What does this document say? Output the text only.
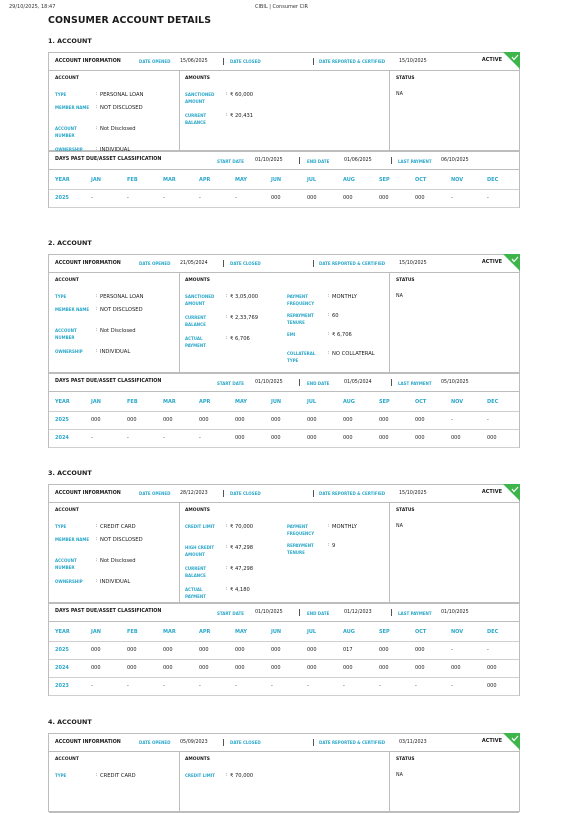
29/10/2025, 18:47	CIBIL | Consumer CIR
CONSUMER ACCOUNT DETAILS
1. ACCOUNT
ACCOUNT INFORMATION	DATE OPENED 15/06/2025	DATE CLOSED	DATE REPORTED & CERTIFIED	15/10/2025	ACTIVE
ACCOUNT
TYPE	: PERSONAL LOAN
MEMBER NAME	: NOT DISCLOSED
ACCOUNT NUMBER
: Not Disclosed
OWNERSHIP	: INDIVIDUAL
AMOUNTS
SANCTIONED AMOUNT
: ₹ 60,000
CURRENT BALANCE
: ₹ 20,431
STATUS
NA
DAYS PAST DUE/ASSET CLASSIFICATION	START DATE 01/10/2025	END DATE	01/06/2025	LAST PAYMENT 06/10/2025
YEAR	JAN	FEB	MAR	APR	MAY	JUN	JUL	AUG	SEP	OCT	NOV	DEC
2025	-	-	-	-	-	000	000	000	000	000	-	-
2. ACCOUNT
ACCOUNT INFORMATION	DATE OPENED 21/05/2024	DATE CLOSED	DATE REPORTED & CERTIFIED	15/10/2025	ACTIVE
ACCOUNT
TYPE	: PERSONAL LOAN
MEMBER NAME	: NOT DISCLOSED
ACCOUNT NUMBER
: Not Disclosed
OWNERSHIP	: INDIVIDUAL
AMOUNTS
SANCTIONED AMOUNT
: ₹ 3,05,000
CURRENT BALANCE
: ₹ 2,33,769
ACTUAL PAYMENT
: ₹ 6,706
PAYMENT FREQUENCY
: MONTHLY
REPAYMENT TENURE
: 60
EMI	: ₹ 6,706
COLLATERAL TYPE
: NO COLLATERAL
STATUS
NA
DAYS PAST DUE/ASSET CLASSIFICATION	START DATE 01/10/2025	END DATE	01/05/2024	LAST PAYMENT 05/10/2025
YEAR	JAN	FEB	MAR	APR	MAY	JUN	JUL	AUG	SEP	OCT	NOV	DEC
2025	000	000	000	000	000	000	000	000	000	000	-	-
2024	-	-	-	-	000	000	000	000	000	000	000	000
3. ACCOUNT
ACCOUNT INFORMATION	DATE OPENED 28/12/2023	DATE CLOSED	DATE REPORTED & CERTIFIED	15/10/2025	ACTIVE
ACCOUNT
TYPE	: CREDIT CARD
MEMBER NAME	: NOT DISCLOSED
ACCOUNT NUMBER
: Not Disclosed
OWNERSHIP	: INDIVIDUAL
AMOUNTS
CREDIT LIMIT	: ₹ 70,000
HIGH CREDIT AMOUNT
: ₹ 47,298
CURRENT BALANCE
: ₹ 47,298
ACTUAL PAYMENT
: ₹ 4,180
PAYMENT FREQUENCY
: MONTHLY
REPAYMENT TENURE
: 9
STATUS
NA
DAYS PAST DUE/ASSET CLASSIFICATION	START DATE 01/10/2025	END DATE	01/12/2023	LAST PAYMENT 01/10/2025
YEAR	JAN	FEB	MAR	APR	MAY	JUN	JUL	AUG	SEP	OCT	NOV	DEC
2025	000	000	000	000	000	000	000	017	000	000	-	-
2024	000	000	000	000	000	000	000	000	000	000	000	000
2023	-	-	-	-	-	-	-	-	-	-	-	000
4. ACCOUNT
ACCOUNT INFORMATION	DATE OPENED 05/09/2023	DATE CLOSED	DATE REPORTED & CERTIFIED	03/11/2023	ACTIVE
ACCOUNT
TYPE	: CREDIT CARD
AMOUNTS
CREDIT LIMIT	: ₹ 70,000
STATUS
NA
